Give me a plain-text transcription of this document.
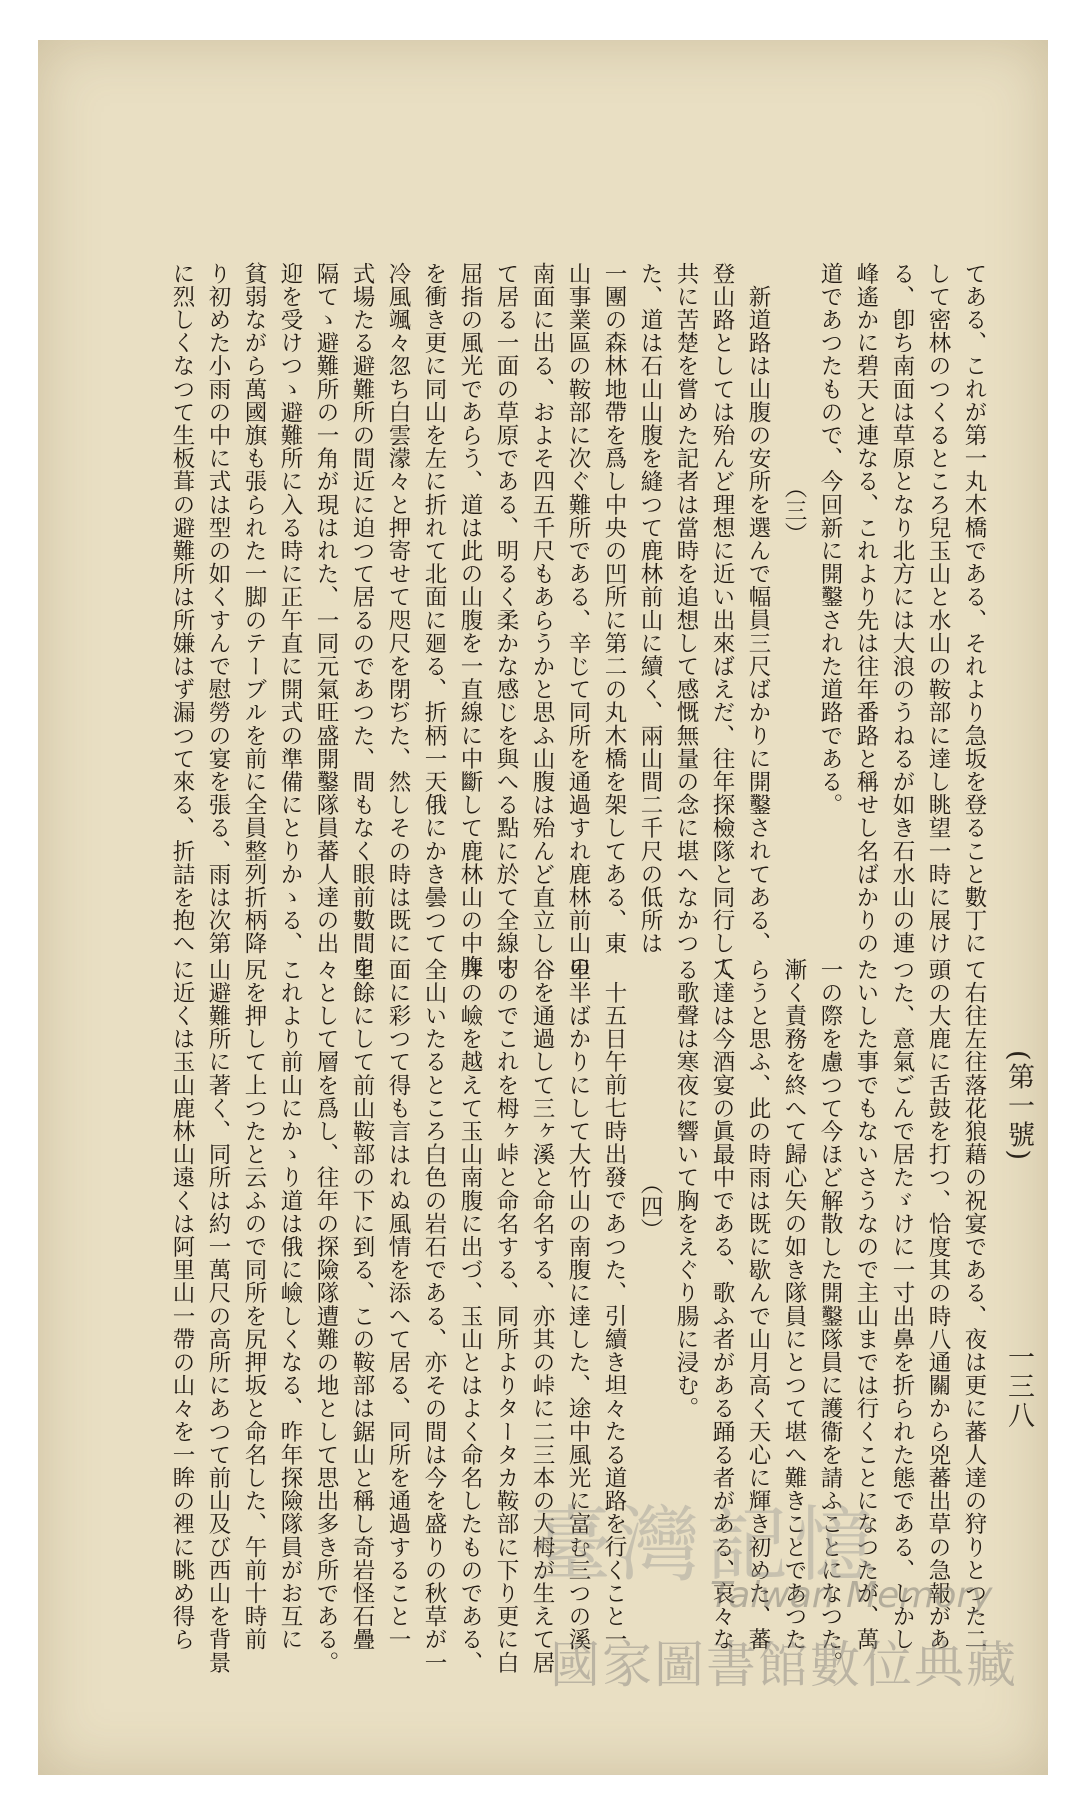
(第一號) 一三八

てある、これが第一丸木橋である、それより急坂を登ること數丁に

して密林のつくるところ兒玉山と水山の鞍部に達し眺望一時に展け

る、卽ち南面は草原となり北方には大浪のうねるが如き石水山の連

峰遙かに碧天と連なる、これより先は往年番路と稱せし名ばかりの

道であつたもので、今回新に開鑿された道路である。

（三）

新道路は山腹の安所を選んで幅員三尺ばかりに開鑿されてある、

登山路としては殆んど理想に近い出來ばえだ、往年探檢隊と同行して

共に苦楚を嘗めた記者は當時を追想して感慨無量の念に堪へなかつ

た、道は石山山腹を縫つて鹿林前山に續く、兩山間二千尺の低所は

一團の森林地帶を爲し中央の凹所に第二の丸木橋を架してある、東

山事業區の鞍部に次ぐ難所である、辛じて同所を通過すれ鹿林前山の

南面に出る、およそ四五千尺もあらうかと思ふ山腹は殆んど直立し

て居る一面の草原である、明るく柔かな感じを與へる點に於て全線中

屈指の風光であらう、道は此の山腹を一直線に中斷して鹿林山の中腹

を衝き更に同山を左に折れて北面に廻る、折柄一天俄にかき曇つて

冷風颯々忽ち白雲濛々と押寄せて咫尺を閉ぢた、然しその時は既に

式場たる避難所の間近に迫つて居るのであつた、間もなく眼前數間を

隔てゝ避難所の一角が現はれた、一同元氣旺盛開鑿隊員蕃人達の出

迎を受けつゝ避難所に入る時に正午直に開式の準備にとりかゝる、

貧弱ながら萬國旗も張られた一脚のテーブルを前に全員整列折柄降

り初めた小雨の中に式は型の如くすんで慰勞の宴を張る、雨は次第

に烈しくなつて生板葺の避難所は所嫌はず漏つて來る、折詰を抱へ

て右往左往落花狼藉の祝宴である、夜は更に蕃人達の狩りとつた二

頭の大鹿に舌鼓を打つ、恰度其の時八通關から兇蕃出草の急報があ

つた、意氣ごんで居たゞけに一寸出鼻を折られた態である、しかし

たいした事でもないさうなので主山までは行くことになつたが、萬

一の際を慮つて今ほど解散した開鑿隊員に護衞を請ふことになつた。

漸く責務を終へて歸心矢の如き隊員にとつて堪へ難きことであつた

らうと思ふ、此の時雨は既に歇んで山月高く天心に輝き初めた、蕃

人達は今酒宴の眞最中である、歌ふ者がある踊る者がある、哀々な

る歌聲は寒夜に響いて胸をえぐり腸に浸む。

（四）

十五日午前七時出發であつた、引續き坦々たる道路を行くこと一

里半ばかりにして大竹山の南腹に達した、途中風光に富む三つの溪

谷を通過して三ヶ溪と命名する、亦其の峠に二三本の大栂が生えて居

るのでこれを栂ヶ峠と命名する、同所よりタータカ鞍部に下り更に白

井の嶮を越えて玉山南腹に出づ、玉山とはよく命名したものである、

全山いたるところ白色の岩石である、亦その間は今を盛りの秋草が一

面に彩つて得も言はれぬ風情を添へて居る、同所を通過すること一

里餘にして前山鞍部の下に到る、この鞍部は鋸山と稱し奇岩怪石疊

々として層を爲し、往年の探險隊遭難の地として思出多き所である。

これより前山にかゝり道は俄に嶮しくなる、昨年探險隊員がお互に

尻を押して上つたと云ふので同所を尻押坂と命名した、午前十時前

山避難所に著く、同所は約一萬尺の高所にあつて前山及び西山を背景

に近くは玉山鹿林山遠くは阿里山一帶の山々を一眸の裡に眺め得ら	臺灣記憶
Taiwan Memory
國家圖書館數位典藏
